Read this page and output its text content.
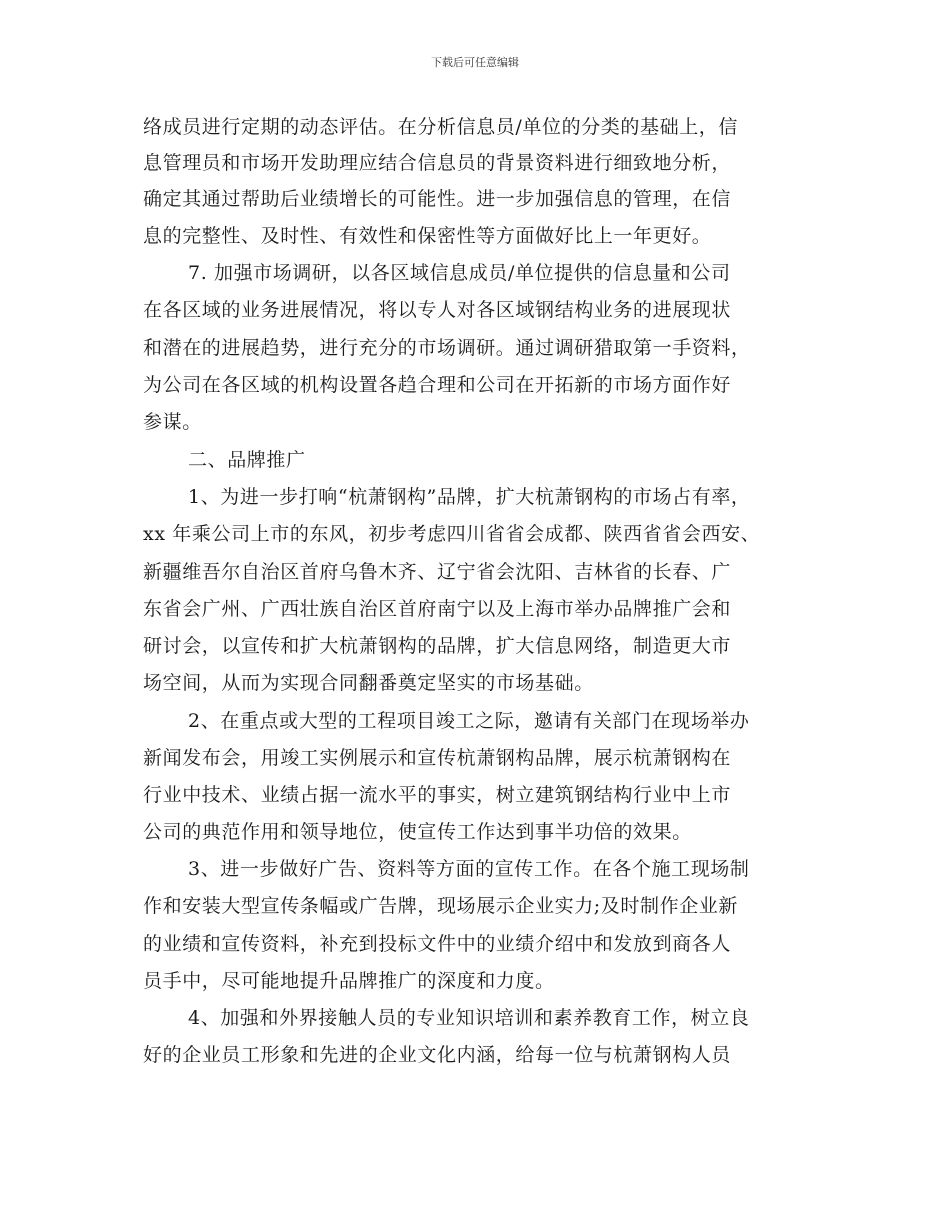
下载后可任意编辑
络成员进行定期的动态评估。在分析信息员/单位的分类的基础上，信
息管理员和市场开发助理应结合信息员的背景资料进行细致地分析，
确定其通过帮助后业绩增长的可能性。进一步加强信息的管理，在信
息的完整性、及时性、有效性和保密性等方面做好比上一年更好。
7. 加强市场调研，以各区域信息成员/单位提供的信息量和公司
在各区域的业务进展情况，将以专人对各区域钢结构业务的进展现状
和潜在的进展趋势，进行充分的市场调研。通过调研猎取第一手资料，
为公司在各区域的机构设置各趋合理和公司在开拓新的市场方面作好
参谋。
二、品牌推广
1、为进一步打响“杭萧钢构”品牌，扩大杭萧钢构的市场占有率，
xx 年乘公司上市的东风，初步考虑四川省省会成都、陕西省省会西安、
新疆维吾尔自治区首府乌鲁木齐、辽宁省会沈阳、吉林省的长春、广
东省会广州、广西壮族自治区首府南宁以及上海市举办品牌推广会和
研讨会，以宣传和扩大杭萧钢构的品牌，扩大信息网络，制造更大市
场空间，从而为实现合同翻番奠定坚实的市场基础。
2、在重点或大型的工程项目竣工之际，邀请有关部门在现场举办
新闻发布会，用竣工实例展示和宣传杭萧钢构品牌，展示杭萧钢构在
行业中技术、业绩占据一流水平的事实，树立建筑钢结构行业中上市
公司的典范作用和领导地位，使宣传工作达到事半功倍的效果。
3、进一步做好广告、资料等方面的宣传工作。在各个施工现场制
作和安装大型宣传条幅或广告牌，现场展示企业实力;及时制作企业新
的业绩和宣传资料，补充到投标文件中的业绩介绍中和发放到商各人
员手中，尽可能地提升品牌推广的深度和力度。
4、加强和外界接触人员的专业知识培训和素养教育工作，树立良
好的企业员工形象和先进的企业文化内涵，给每一位与杭萧钢构人员
